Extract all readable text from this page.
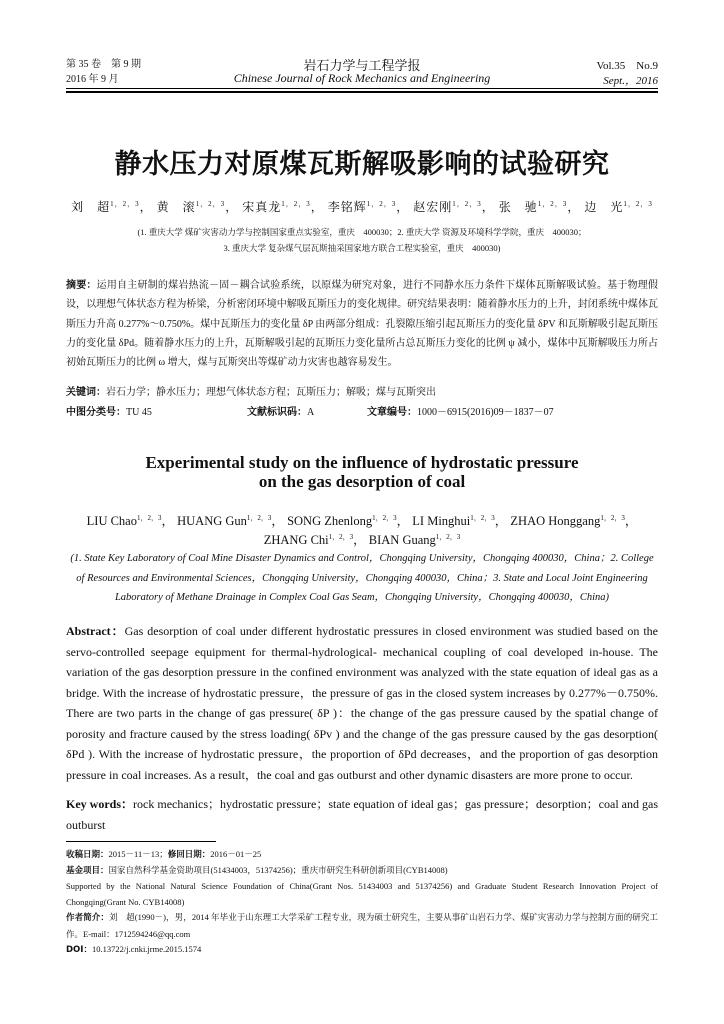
第 35 卷　第 9 期
2016 年 9 月
岩石力学与工程学报
Chinese Journal of Rock Mechanics and Engineering
Vol.35　No.9
Sept.，2016
静水压力对原煤瓦斯解吸影响的试验研究
刘　超$^{1,2,3}$， 黄　滚$^{1,2,3}$， 宋真龙$^{1,2,3}$， 李铭辉$^{1,2,3}$， 赵宏刚$^{1,2,3}$， 张　驰$^{1,2,3}$， 边　光$^{1,2,3}$
(1. 重庆大学 煤矿灾害动力学与控制国家重点实验室，重庆　400030；2. 重庆大学 资源及环境科学学院，重庆　400030；
3. 重庆大学 复杂煤气层瓦斯抽采国家地方联合工程实验室，重庆　400030)
摘要：运用自主研制的煤岩热流－固－耦合试验系统，以原煤为研究对象，进行不同静水压力条件下煤体瓦斯解吸试验。基于物理假设，以理想气体状态方程为桥梁，分析密闭环境中解吸瓦斯压力的变化规律。研究结果表明：随着静水压力的上升，封闭系统中煤体瓦斯压力升高 0.277%～0.750%。煤中瓦斯压力的变化量 δP 由两部分组成：孔裂隙压缩引起瓦斯压力的变化量 δPV 和瓦斯解吸引起瓦斯压力的变化量 δPd。随着静水压力的上升，瓦斯解吸引起的瓦斯压力变化量所占总瓦斯压力变化的比例 ψ 减小，煤体中瓦斯解吸压力所占初始瓦斯压力的比例 ω 增大，煤与瓦斯突出等煤矿动力灾害也越容易发生。
关键词：岩石力学；静水压力；理想气体状态方程；瓦斯压力；解吸；煤与瓦斯突出
中图分类号：TU 45	文献标识码：A	文章编号：1000－6915(2016)09－1837－07
Experimental study on the influence of hydrostatic pressure
on the gas desorption of coal
LIU Chao$^{1,2,3}$， HUANG Gun$^{1,2,3}$， SONG Zhenlong$^{1,2,3}$， LI Minghui$^{1,2,3}$， ZHAO Honggang$^{1,2,3}$，
ZHANG Chi$^{1,2,3}$， BIAN Guang$^{1,2,3}$
(1. State Key Laboratory of Coal Mine Disaster Dynamics and Control，Chongqing University，Chongqing 400030，China；2. College of Resources and Environmental Sciences，Chongqing University，Chongqing 400030，China；3. State and Local Joint Engineering Laboratory of Methane Drainage in Complex Coal Gas Seam，Chongqing University，Chongqing 400030，China)
Abstract：Gas desorption of coal under different hydrostatic pressures in closed environment was studied based on the servo-controlled seepage equipment for thermal-hydrological- mechanical coupling of coal developed in-house. The variation of the gas desorption pressure in the confined environment was analyzed with the state equation of ideal gas as a bridge. With the increase of hydrostatic pressure，the pressure of gas in the closed system increases by 0.277%－0.750%. There are two parts in the change of gas pressure( δP )：the change of the gas pressure caused by the spatial change of porosity and fracture caused by the stress loading( δPv ) and the change of the gas pressure caused by the gas desorption( δPd ). With the increase of hydrostatic pressure，the proportion of δPd decreases，and the proportion of gas desorption pressure in coal increases. As a result，the coal and gas outburst and other dynamic disasters are more prone to occur.
Key words：rock mechanics；hydrostatic pressure；state equation of ideal gas；gas pressure；desorption；coal and gas outburst
收稿日期：2015－11－13；修回日期：2016－01－25
基金项目：国家自然科学基金资助项目(51434003，51374256)；重庆市研究生科研创新项目(CYB14008)
Supported by the National Natural Science Foundation of China(Grant Nos. 51434003 and 51374256) and Graduate Student Research Innovation Project of Chongqing(Grant No. CYB14008)
作者简介：刘　超(1990－)，男，2014 年毕业于山东理工大学采矿工程专业，现为硕士研究生，主要从事矿山岩石力学、煤矿灾害动力学与控制方面的研究工作。E-mail：1712594246@qq.com
DOI：10.13722/j.cnki.jrme.2015.1574
